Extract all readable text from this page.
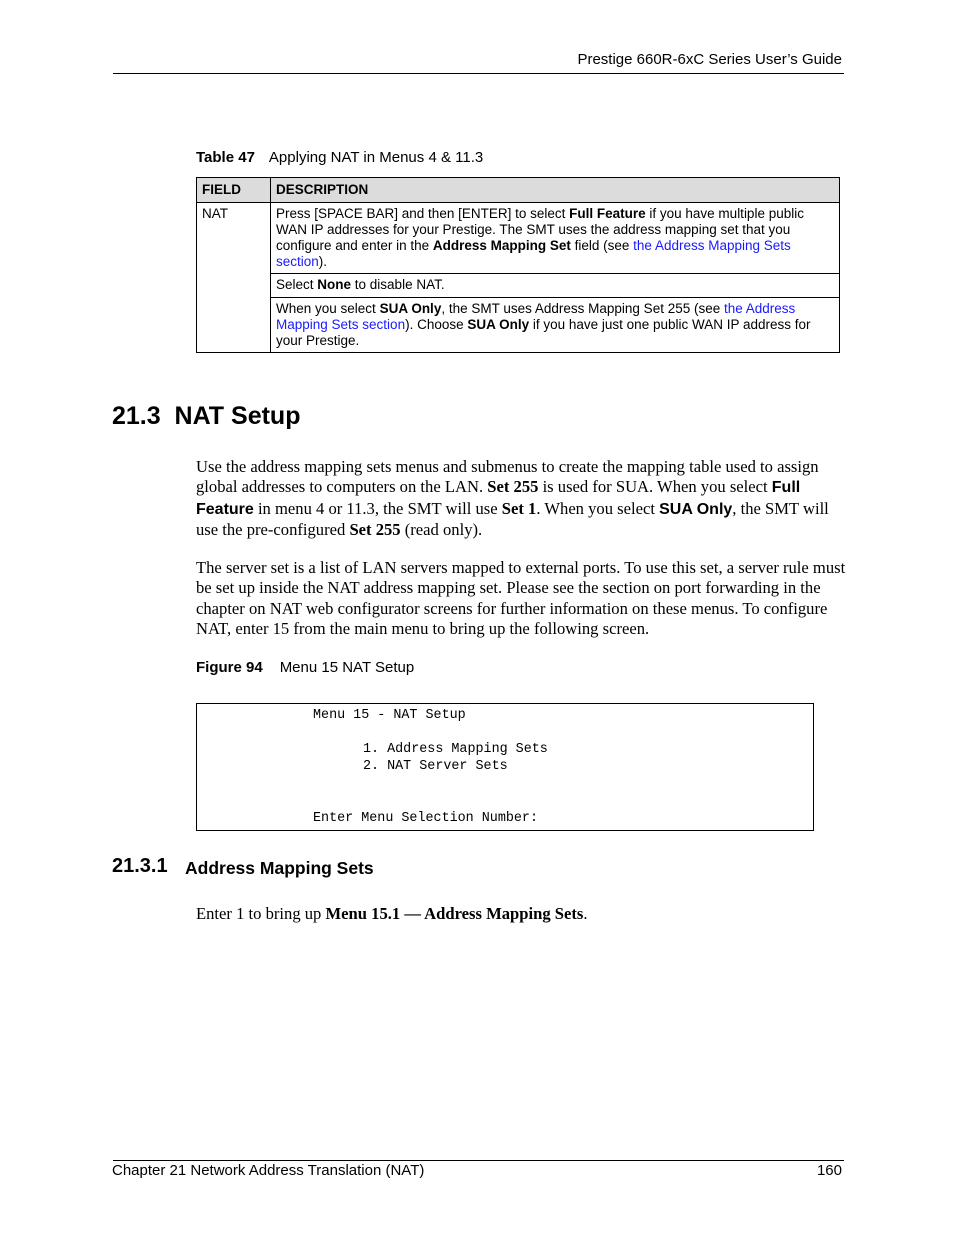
Prestige 660R-6xC Series User’s Guide
Table 47 Applying NAT in Menus 4 & 11.3
FIELD	DESCRIPTION
NAT	Press [SPACE BAR] and then [ENTER] to select Full Feature if you have multiple public WAN IP addresses for your Prestige. The SMT uses the address mapping set that you configure and enter in the Address Mapping Set field (see the Address Mapping Sets section).
	Select None to disable NAT.
	When you select SUA Only, the SMT uses Address Mapping Set 255 (see the Address Mapping Sets section). Choose SUA Only if you have just one public WAN IP address for your Prestige.
21.3  NAT Setup
Use the address mapping sets menus and submenus to create the mapping table used to assign global addresses to computers on the LAN. Set 255 is used for SUA. When you select Full Feature in menu 4 or 11.3, the SMT will use Set 1. When you select SUA Only, the SMT will use the pre-configured Set 255 (read only).
The server set is a list of LAN servers mapped to external ports. To use this set, a server rule must be set up inside the NAT address mapping set. Please see the section on port forwarding in the chapter on NAT web configurator screens for further information on these menus. To configure NAT, enter 15 from the main menu to bring up the following screen.
Figure 94 Menu 15 NAT Setup
Menu 15 - NAT Setup
1. Address Mapping Sets
2. NAT Server Sets
Enter Menu Selection Number:
21.3.1 Address Mapping Sets
Enter 1 to bring up Menu 15.1 — Address Mapping Sets.
Chapter 21 Network Address Translation (NAT)	160
